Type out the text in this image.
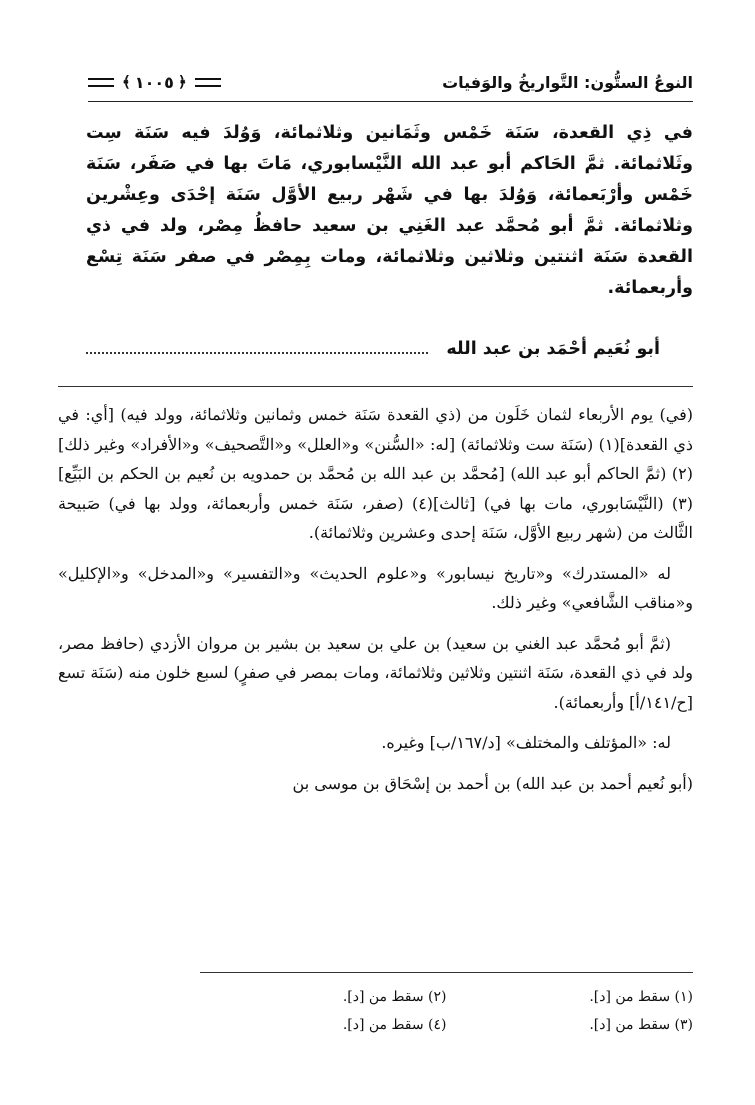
النوعُ الستُّون: التَّواريخُ والوَفيات
﴿
١٠٠٥
﴾

في ذِي القعدة، سَنَة خَمْس وثَمَانين وثلاثمائة، وَوُلدَ فيه سَنَة سِت وثَلاثمائة. ثمَّ الحَاكم أبو عبد الله النَّيْسابوري، مَاتَ بها في صَفَر، سَنَة خَمْس وأرْبَعمائة، وَوُلدَ بها في شَهْر ربيع الأوَّل سَنَة إحْدَى وعِشْرين وثلاثمائة. ثمَّ أبو مُحمَّد عبد الغَنِي بن سعيد حافظُ مِصْر، ولد في ذي القعدة سَنَة اثنتين وثلاثين وثلاثمائة، ومات بِمِصْر في صفر سَنَة تِسْع وأربعمائة.

أبو نُعَيم أحْمَد بن عبد الله

(في) يوم الأربعاء لثمان خَلَون من (ذي القعدة سَنَة خمس وثمانين وثلاثمائة، وولد فيه) [أي: في ذي القعدة](١) (سَنَة ست وثلاثمائة) [له: «السُّنن» و«العلل» و«التَّصحيف» و«الأفراد» وغير ذلك](٢) (ثمَّ الحاكم أبو عبد الله) [مُحمَّد بن عبد الله بن مُحمَّد بن حمدويه بن نُعيم بن الحكم بن البَيِّع](٣) (النَّيْسَابوري، مات بها في) [ثالث](٤) (صفر، سَنَة خمس وأربعمائة، وولد بها في) صَبيحة الثَّالث من (شهر ربيع الأوَّل، سَنَة إحدى وعشرين وثلاثمائة).

له «المستدرك» و«تاريخ نيسابور» و«علوم الحديث» و«التفسير» و«المدخل» و«الإكليل» و«مناقب الشَّافعي» وغير ذلك.

(ثمَّ أبو مُحمَّد عبد الغني بن سعيد) بن علي بن سعيد بن بشير بن مروان الأزدي (حافظ مصر، ولد في ذي القعدة، سَنَة اثنتين وثلاثين وثلاثمائة، ومات بمصر في صفرٍ) لسبع خلون منه (سَنَة تسع [ح/١٤١/أ] وأربعمائة).

له: «المؤتلف والمختلف» [د/١٦٧/ب] وغيره.

(أبو نُعيم أحمد بن عبد الله) بن أحمد بن إسْحَاق بن موسى بن

(١) سقط من [د].
(٢) سقط من [د].
(٣) سقط من [د].
(٤) سقط من [د].
